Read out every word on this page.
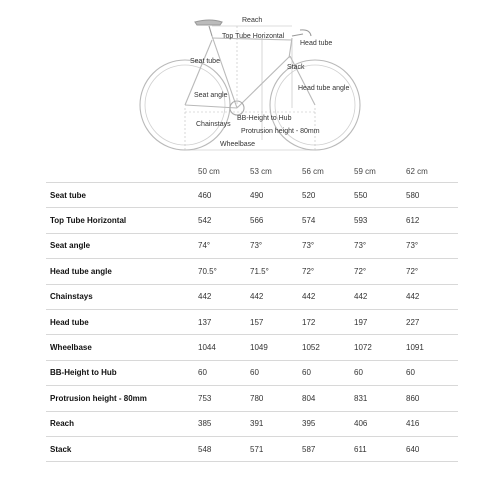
Reach
Top Tube Horizontal
Head tube
Seat tube
Stack
Seat angle
Head tube angle
Chainstays
BB-Height to Hub
Protrusion height - 80mm
Wheelbase
	50 cm	53 cm	56 cm	59 cm	62 cm
Seat tube	460	490	520	550	580
Top Tube Horizontal	542	566	574	593	612
Seat angle	74°	73°	73°	73°	73°
Head tube angle	70.5°	71.5°	72°	72°	72°
Chainstays	442	442	442	442	442
Head tube	137	157	172	197	227
Wheelbase	1044	1049	1052	1072	1091
BB-Height to Hub	60	60	60	60	60
Protrusion height - 80mm	753	780	804	831	860
Reach	385	391	395	406	416
Stack	548	571	587	611	640
